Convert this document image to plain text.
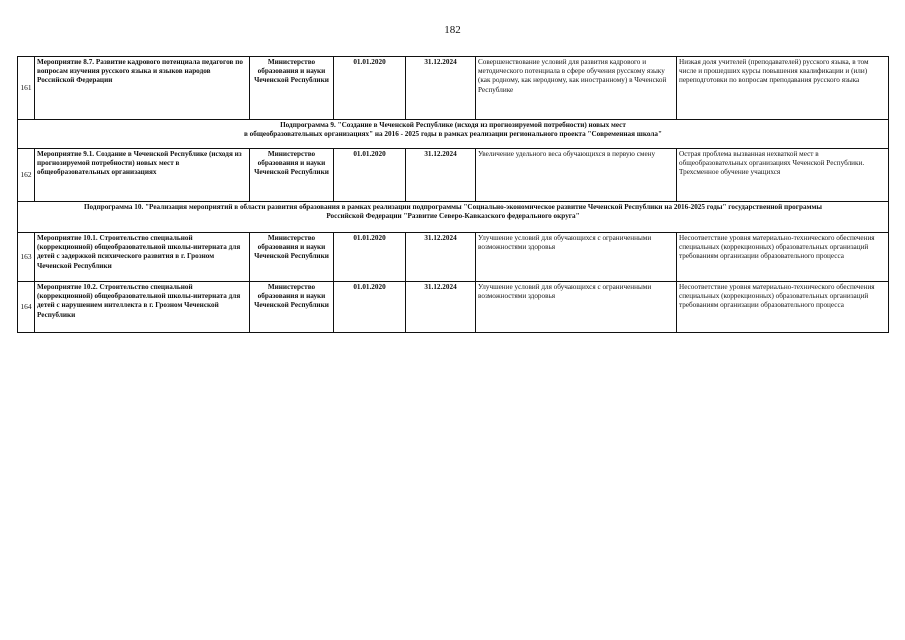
182
161	Мероприятие 8.7. Развитие кадрового потенциала педагогов по вопросам изучения русского языка и языков народов Российской Федерации	Министерство образования и науки Чеченской Республики	01.01.2020	31.12.2024	Совершенствование условий для развития кадрового и методического потенциала в сфере обучения русскому языку (как родному, как неродному, как иностранному) в Чеченской Республике	Низкая доля учителей (преподавателей) русского языка, в том числе и прошедших курсы повышения квалификации и (или) переподготовки по вопросам преподавания русского языка

Подпрограмма 9. "Создание в Чеченской Республике (исходя из прогнозируемой потребности) новых мест
в общеобразовательных организациях" на 2016 - 2025 годы в рамках реализации регионального проекта "Современная школа"						

162	Мероприятие 9.1. Создание в Чеченской Республике (исходя из прогнозируемой потребности) новых мест в общеобразовательных организациях	Министерство образования и науки Чеченской Республики	01.01.2020	31.12.2024	Увеличение удельного веса обучающихся в первую смену	Острая проблема вызванная нехваткой мест в общеобразовательных организациях Чеченской Республики. Трехсменное обучение учащихся

Подпрограмма 10. "Реализация мероприятий в области развития образования в рамках реализации подпрограммы "Социально-экономическое развитие Чеченской Республики на 2016-2025 годы" государственной программы
Российской Федерации "Развитие Северо-Кавказского федерального округа"						

163	Мероприятие 10.1. Строительство специальной (коррекционной) общеобразовательной школы-интерната для детей с задержкой психического развития в г. Грозном Чеченской Республики	Министерство образования и науки Чеченской Республики	01.01.2020	31.12.2024	Улучшение условий для обучающихся с ограниченными возможностями здоровья	Несоответствие уровня материально-технического обеспечения специальных (коррекционных) образовательных организаций требованиям организации образовательного процесса
164	Мероприятие 10.2. Строительство специальной (коррекционной) общеобразовательной школы-интерната для детей с нарушением интеллекта в г. Грозном Чеченской Республики	Министерство образования и науки Чеченской Республики	01.01.2020	31.12.2024	Улучшение условий для обучающихся с ограниченными возможностями здоровья	Несоответствие уровня материально-технического обеспечения специальных (коррекционных) образовательных организаций требованиям организации образовательного процесса
